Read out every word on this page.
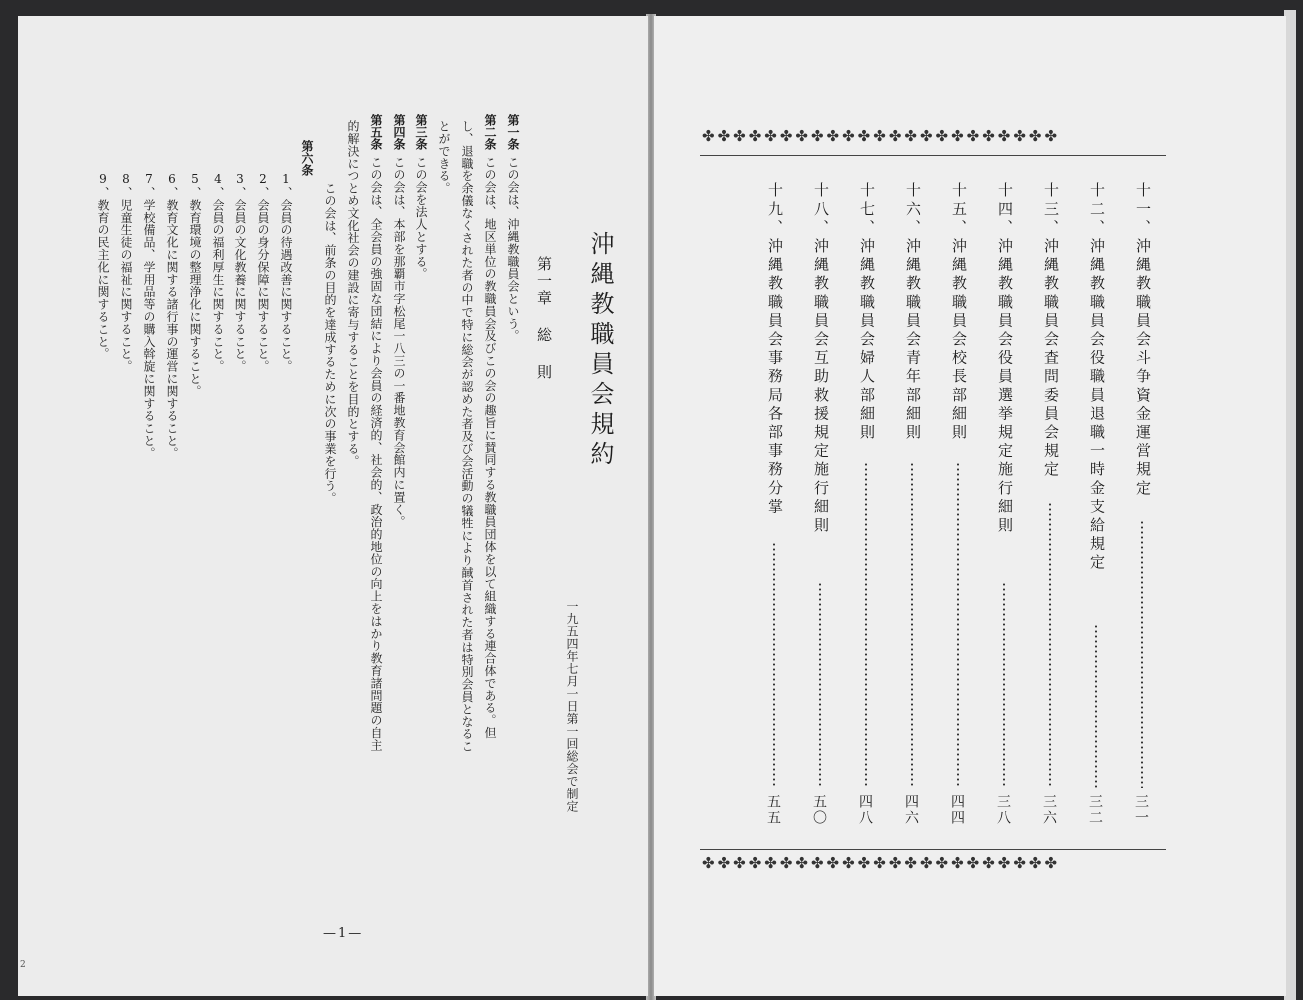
沖縄教職員会規約
一九五四年七月一日第一回総会で制定
第一章 総 則
第一条
この会は、沖縄教職員会という。
第二条
この会は、地区単位の教職員会及びこの会の趣旨に賛同する教職員団体を以て組織する連合体である。但
し、退職を余儀なくされた者の中で特に総会が認めた者及び会活動の犠牲により馘首された者は特別会員となるこ
とができる。
第三条
この会を法人とする。
第四条
この会は、本部を那覇市字松尾一八三の一番地教育会館内に置く。
第五条
この会は、全会員の強固な団結により会員の経済的、社会的、政治的地位の向上をはかり教育諸問題の自主
的解決につとめ文化社会の建設に寄与することを目的とする。
第六条
この会は、前条の目的を達成するために次の事業を行う。
1、会員の待遇改善に関すること。
2、会員の身分保障に関すること。
3、会員の文化教養に関すること。
4、会員の福利厚生に関すること。
5、教育環境の整理浄化に関すること。
6、教育文化に関する諸行事の運営に関すること。
7、学校備品、学用品等の購入斡旋に関すること。
8、児童生徒の福祉に関すること。
9、教育の民主化に関すること。
—1—
2
✤✤✤✤✤✤✤✤✤✤✤✤✤✤✤✤✤✤✤✤✤✤✤
十一、沖縄教職員会斗争資金運営規定
三一
十二、沖縄教職員会役職員退職一時金支給規定
三二
十三、沖縄教職員会査問委員会規定
三六
十四、沖縄教職員会役員選挙規定施行細則
三八
十五、沖縄教職員会校長部細則
四四
十六、沖縄教職員会青年部細則
四六
十七、沖縄教職員会婦人部細則
四八
十八、沖縄教職員会互助救援規定施行細則
五〇
十九、沖縄教職員会事務局各部事務分掌
五五
✤✤✤✤✤✤✤✤✤✤✤✤✤✤✤✤✤✤✤✤✤✤✤
